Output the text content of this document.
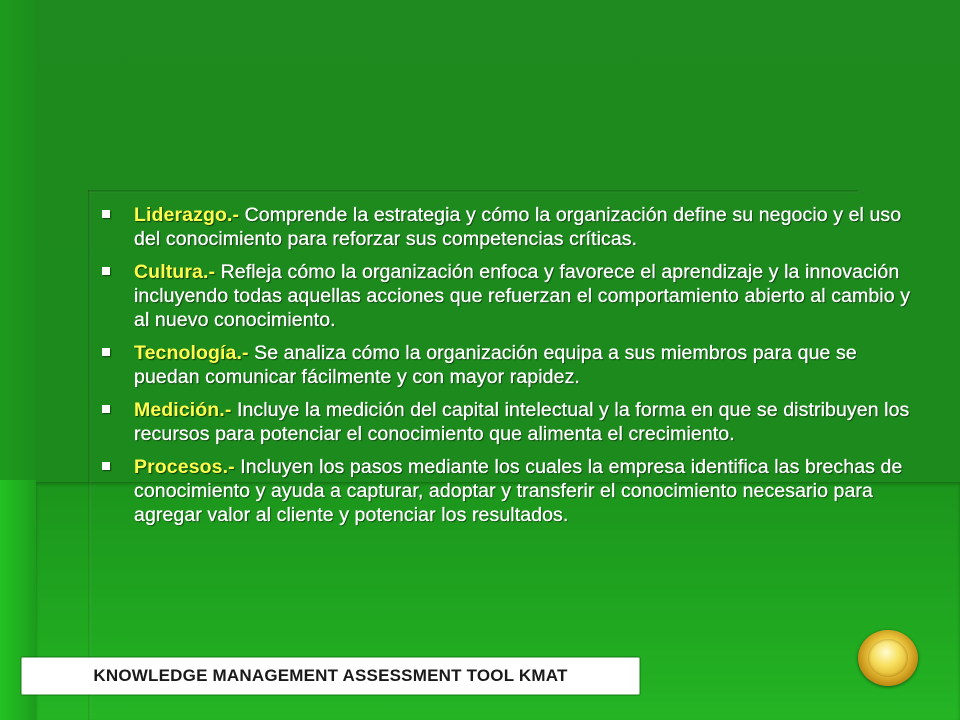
Liderazgo.- Comprende la estrategia y cómo la organización define su negocio y el uso del conocimiento para reforzar sus competencias críticas.
Cultura.- Refleja cómo la organización enfoca y favorece el aprendizaje y la innovación incluyendo todas aquellas acciones que refuerzan el comportamiento abierto al cambio y al nuevo conocimiento.
Tecnología.- Se analiza cómo la organización equipa a sus miembros para que se puedan comunicar fácilmente y con mayor rapidez.
Medición.- Incluye la medición del capital intelectual y la forma en que se distribuyen los recursos para potenciar el conocimiento que alimenta el crecimiento.
Procesos.- Incluyen los pasos mediante los cuales la empresa identifica las brechas de conocimiento y ayuda a capturar, adoptar y transferir el conocimiento necesario para agregar valor al cliente y potenciar los resultados.
KNOWLEDGE MANAGEMENT ASSESSMENT TOOL KMAT
